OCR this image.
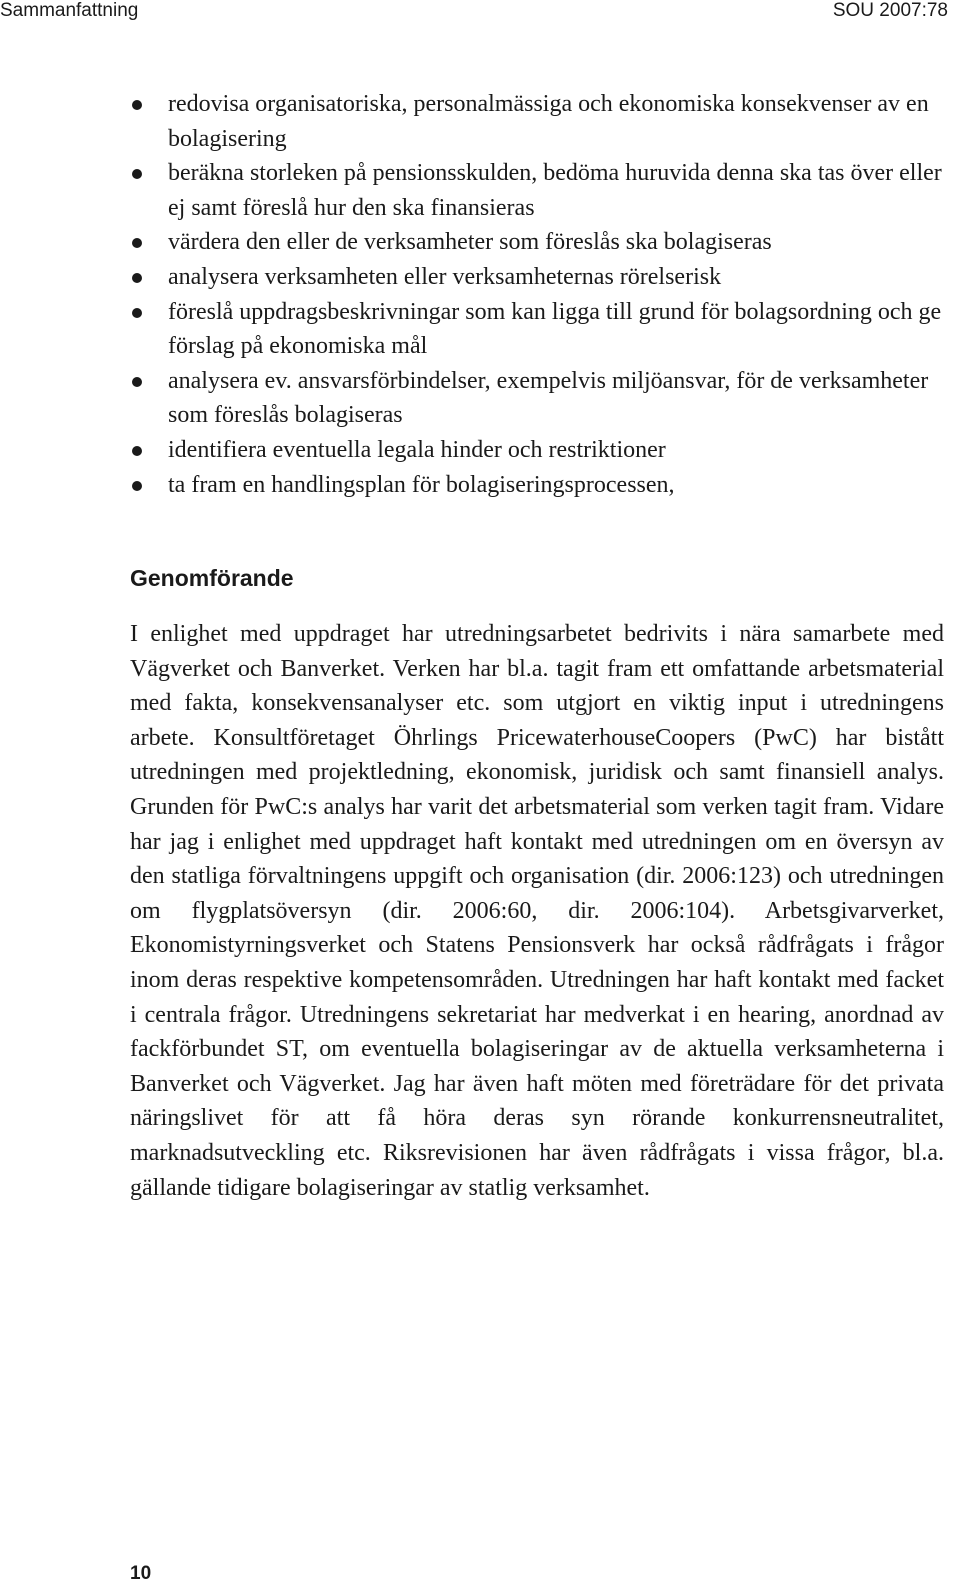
Sammanfattning	SOU 2007:78
redovisa organisatoriska, personalmässiga och ekonomiska konsekvenser av en bolagisering
beräkna storleken på pensionsskulden, bedöma huruvida denna ska tas över eller ej samt föreslå hur den ska finansieras
värdera den eller de verksamheter som föreslås ska bolagiseras
analysera verksamheten eller verksamheternas rörelserisk
föreslå uppdragsbeskrivningar som kan ligga till grund för bolagsordning och ge förslag på ekonomiska mål
analysera ev. ansvarsförbindelser, exempelvis miljöansvar, för de verksamheter som föreslås bolagiseras
identifiera eventuella legala hinder och restriktioner
ta fram en handlingsplan för bolagiseringsprocessen,
Genomförande

I enlighet med uppdraget har utredningsarbetet bedrivits i nära samarbete med Vägverket och Banverket. Verken har bl.a. tagit fram ett omfattande arbetsmaterial med fakta, konsekvensanalyser etc. som utgjort en viktig input i utredningens arbete. Konsultföretaget Öhrlings PricewaterhouseCoopers (PwC) har bistått utredningen med projektledning, ekonomisk, juridisk och samt finansiell analys. Grunden för PwC:s analys har varit det arbetsmaterial som verken tagit fram. Vidare har jag i enlighet med uppdraget haft kontakt med utredningen om en översyn av den statliga förvaltningens uppgift och organisation (dir. 2006:123) och utredningen om flygplatsöversyn (dir. 2006:60, dir. 2006:104). Arbetsgivarverket, Ekonomistyrningsverket och Statens Pensionsverk har också rådfrågats i frågor inom deras respektive kompetensområden. Utredningen har haft kontakt med facket i centrala frågor. Utredningens sekretariat har medverkat i en hearing, anordnad av fackförbundet ST, om eventuella bolagiseringar av de aktuella verksamheterna i Banverket och Vägverket. Jag har även haft möten med företrädare för det privata näringslivet för att få höra deras syn rörande konkurrensneutralitet, marknadsutveckling etc. Riksrevisionen har även rådfrågats i vissa frågor, bl.a. gällande tidigare bolagiseringar av statlig verksamhet.

10
